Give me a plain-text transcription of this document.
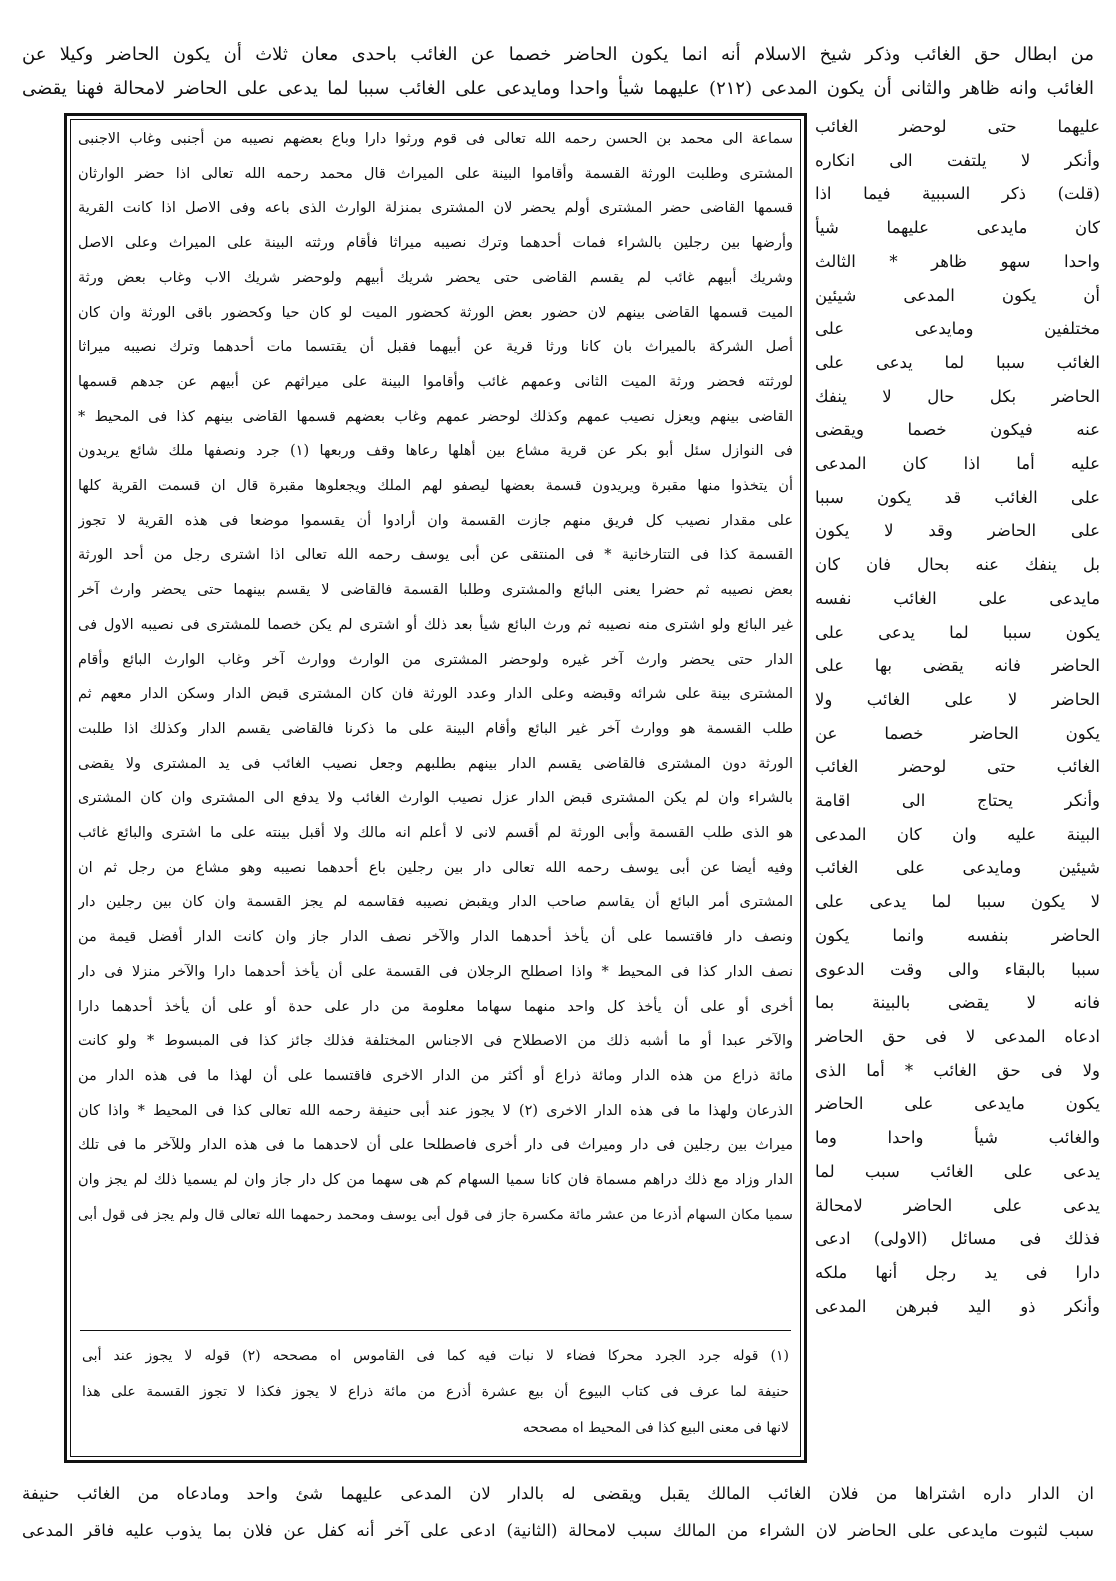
من ابطال حق الغائب وذكر شيخ الاسلام أنه انما يكون الحاضر خصما عن الغائب باحدى معان ثلاث أن يكون الحاضر وكيلا عن
الغائب وانه ظاهر والثانى أن يكون المدعى (٢١٢) عليهما شيأ واحدا ومايدعى على الغائب سببا لما يدعى على الحاضر لامحالة فهنا يقضى
سماعة الى محمد بن الحسن رحمه الله تعالى فى قوم ورثوا دارا وباع بعضهم نصيبه من أجنبى وغاب الاجنبى
المشترى وطلبت الورثة القسمة وأقاموا البينة على الميراث قال محمد رحمه الله تعالى اذا حضر الوارثان
قسمها القاضى حضر المشترى أولم يحضر لان المشترى بمنزلة الوارث الذى باعه وفى الاصل اذا كانت القرية
وأرضها بين رجلين بالشراء فمات أحدهما وترك نصيبه ميراثا فأقام ورثته البينة على الميراث وعلى الاصل
وشريك أبيهم غائب لم يقسم القاضى حتى يحضر شريك أبيهم ولوحضر شريك الاب وغاب بعض ورثة
الميت قسمها القاضى بينهم لان حضور بعض الورثة كحضور الميت لو كان حيا وكحضور باقى الورثة وان كان
أصل الشركة بالميراث بان كانا ورثا قرية عن أبيهما فقبل أن يقتسما مات أحدهما وترك نصيبه ميراثا
لورثته فحضر ورثة الميت الثانى وعمهم غائب وأقاموا البينة على ميراثهم عن أبيهم عن جدهم قسمها
القاضى بينهم ويعزل نصيب عمهم وكذلك لوحضر عمهم وغاب بعضهم قسمها القاضى بينهم كذا فى المحيط *
فى النوازل سئل أبو بكر عن قرية مشاع بين أهلها رعاها وقف وربعها (١) جرد ونصفها ملك شائع يريدون
أن يتخذوا منها مقبرة ويريدون قسمة بعضها ليصفو لهم الملك ويجعلوها مقبرة قال ان قسمت القرية كلها
على مقدار نصيب كل فريق منهم جازت القسمة وان أرادوا أن يقسموا موضعا فى هذه القرية لا تجوز
القسمة كذا فى التتارخانية * فى المنتقى عن أبى يوسف رحمه الله تعالى اذا اشترى رجل من أحد الورثة
بعض نصيبه ثم حضرا يعنى البائع والمشترى وطلبا القسمة فالقاضى لا يقسم بينهما حتى يحضر وارث آخر
غير البائع ولو اشترى منه نصيبه ثم ورث البائع شيأ بعد ذلك أو اشترى لم يكن خصما للمشترى فى نصيبه الاول فى
الدار حتى يحضر وارث آخر غيره ولوحضر المشترى من الوارث ووارث آخر وغاب الوارث البائع وأقام
المشترى بينة على شرائه وقبضه وعلى الدار وعدد الورثة فان كان المشترى قبض الدار وسكن الدار معهم ثم
طلب القسمة هو ووارث آخر غير البائع وأقام البينة على ما ذكرنا فالقاضى يقسم الدار وكذلك اذا طلبت
الورثة دون المشترى فالقاضى يقسم الدار بينهم بطلبهم وجعل نصيب الغائب فى يد المشترى ولا يقضى
بالشراء وان لم يكن المشترى قبض الدار عزل نصيب الوارث الغائب ولا يدفع الى المشترى وان كان المشترى
هو الذى طلب القسمة وأبى الورثة لم أقسم لانى لا أعلم انه مالك ولا أقبل بينته على ما اشترى والبائع غائب
وفيه أيضا عن أبى يوسف رحمه الله تعالى دار بين رجلين باع أحدهما نصيبه وهو مشاع من رجل ثم ان
المشترى أمر البائع أن يقاسم صاحب الدار ويقبض نصيبه فقاسمه لم يجز القسمة وان كان بين رجلين دار
ونصف دار فاقتسما على أن يأخذ أحدهما الدار والآخر نصف الدار جاز وان كانت الدار أفضل قيمة من
نصف الدار كذا فى المحيط * واذا اصطلح الرجلان فى القسمة على أن يأخذ أحدهما دارا والآخر منزلا فى دار
أخرى أو على أن يأخذ كل واحد منهما سهاما معلومة من دار على حدة أو على أن يأخذ أحدهما دارا
والآخر عبدا أو ما أشبه ذلك من الاصطلاح فى الاجناس المختلفة فذلك جائز كذا فى المبسوط * ولو كانت
مائة ذراع من هذه الدار ومائة ذراع أو أكثر من الدار الاخرى فاقتسما على أن لهذا ما فى هذه الدار من
الذرعان ولهذا ما فى هذه الدار الاخرى (٢) لا يجوز عند أبى حنيفة رحمه الله تعالى كذا فى المحيط * واذا كان
ميراث بين رجلين فى دار وميراث فى دار أخرى فاصطلحا على أن لاحدهما ما فى هذه الدار وللآخر ما فى تلك
الدار وزاد مع ذلك دراهم مسماة فان كانا سميا السهام كم هى سهما من كل دار جاز وان لم يسميا ذلك لم يجز وان
سميا مكان السهام أذرعا من عشر مائة مكسرة جاز فى قول أبى يوسف ومحمد رحمهما الله تعالى قال ولم يجز فى قول أبى
(١) قوله جرد الجرد محركا فضاء لا نبات فيه كما فى القاموس اه مصححه (٢) قوله لا يجوز عند أبى
حنيفة لما عرف فى كتاب البيوع أن بيع عشرة أذرع من مائة ذراع لا يجوز فكذا لا تجوز القسمة على هذا
لانها فى معنى البيع كذا فى المحيط اه مصححه
عليهما حتى لوحضر الغائب
وأنكر لا يلتفت الى انكاره
(قلت) ذكر السببية فيما اذا
كان مايدعى عليهما شيأ
واحدا سهو ظاهر * الثالث
أن يكون المدعى شيئين
مختلفين ومايدعى على
الغائب سببا لما يدعى على
الحاضر بكل حال لا ينفك
عنه فيكون خصما ويقضى
عليه أما اذا كان المدعى
على الغائب قد يكون سببا
على الحاضر وقد لا يكون
بل ينفك عنه بحال فان كان
مايدعى على الغائب نفسه
يكون سببا لما يدعى على
الحاضر فانه يقضى بها على
الحاضر لا على الغائب ولا
يكون الحاضر خصما عن
الغائب حتى لوحضر الغائب
وأنكر يحتاج الى اقامة
البينة عليه وان كان المدعى
شيئين ومايدعى على الغائب
لا يكون سببا لما يدعى على
الحاضر بنفسه وانما يكون
سببا بالبقاء والى وقت الدعوى
فانه لا يقضى بالبينة بما
ادعاه المدعى لا فى حق الحاضر
ولا فى حق الغائب * أما الذى
يكون مايدعى على الحاضر
والغائب شيأ واحدا وما
يدعى على الغائب سبب لما
يدعى على الحاضر لامحالة
فذلك فى مسائل (الاولى) ادعى
دارا فى يد رجل أنها ملكه
وأنكر ذو اليد فبرهن المدعى
ان الدار داره اشتراها من فلان الغائب المالك يقبل ويقضى له بالدار لان المدعى عليهما شئ واحد ومادعاه من الغائب حنيفة
سبب لثبوت مايدعى على الحاضر لان الشراء من المالك سبب لامحالة (الثانية) ادعى على آخر أنه كفل عن فلان بما يذوب عليه فاقر المدعى
